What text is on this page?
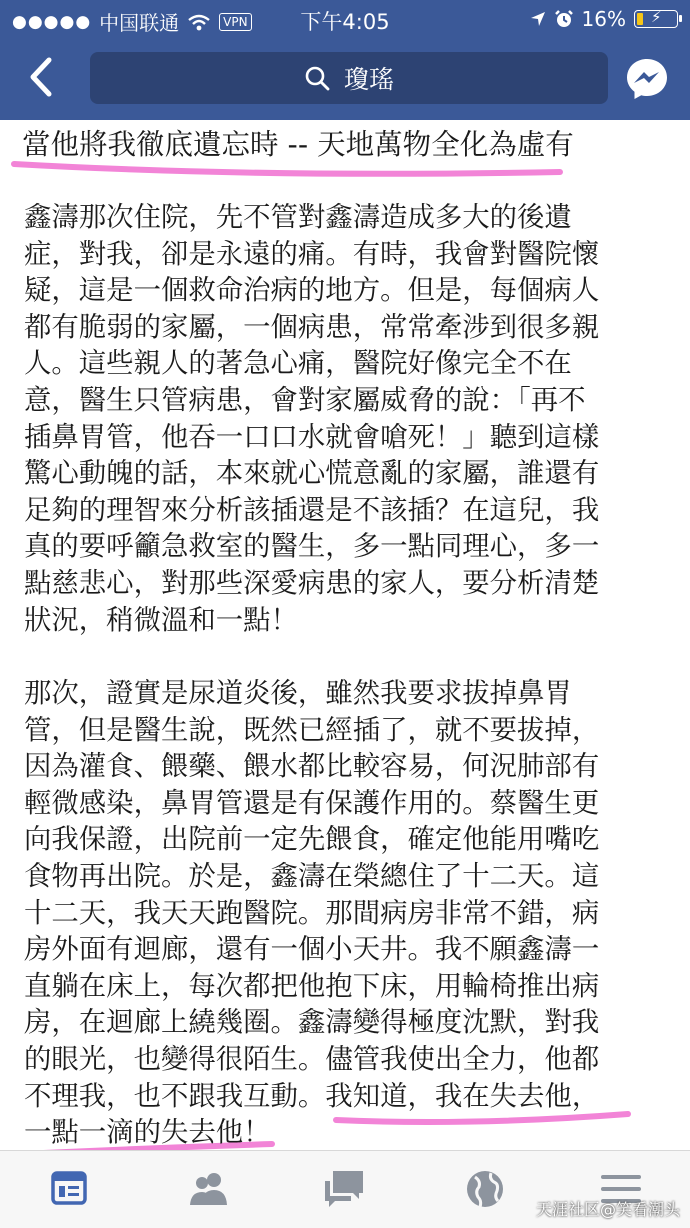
●●●●● 中国联通	VPN	下午4:05	16% ⚡
瓊瑤
當他將我徹底遺忘時 -- 天地萬物全化為虛有
鑫濤那次住院，先不管對鑫濤造成多大的後遺
症，對我，卻是永遠的痛。有時，我會對醫院懷
疑，這是一個救命治病的地方。但是，每個病人
都有脆弱的家屬，一個病患，常常牽涉到很多親
人。這些親人的著急心痛，醫院好像完全不在
意，醫生只管病患，會對家屬威脅的說：「再不
插鼻胃管，他吞一口口水就會嗆死！」聽到這樣
驚心動魄的話，本來就心慌意亂的家屬，誰還有
足夠的理智來分析該插還是不該插？在這兒，我
真的要呼籲急救室的醫生，多一點同理心，多一
點慈悲心，對那些深愛病患的家人，要分析清楚
狀況，稍微溫和一點！
那次，證實是尿道炎後，雖然我要求拔掉鼻胃
管，但是醫生說，既然已經插了，就不要拔掉，
因為灌食、餵藥、餵水都比較容易，何況肺部有
輕微感染，鼻胃管還是有保護作用的。蔡醫生更
向我保證，出院前一定先餵食，確定他能用嘴吃
食物再出院。於是，鑫濤在榮總住了十二天。這
十二天，我天天跑醫院。那間病房非常不錯，病
房外面有迴廊，還有一個小天井。我不願鑫濤一
直躺在床上，每次都把他抱下床，用輪椅推出病
房，在迴廊上繞幾圈。鑫濤變得極度沈默，對我
的眼光，也變得很陌生。儘管我使出全力，他都
不理我，也不跟我互動。我知道，我在失去他，
一點一滴的失去他！
天涯社区@笑看潮头
